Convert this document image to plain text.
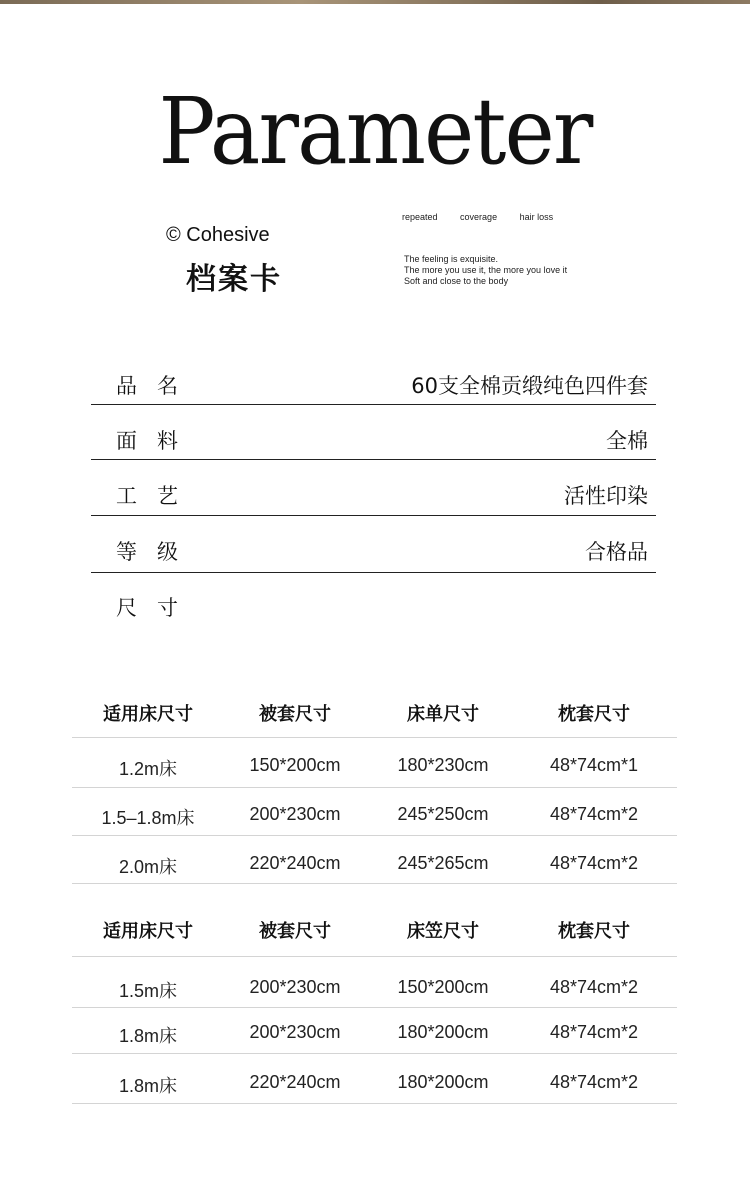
Parameter
© Cohesive
档案卡
repeated	coverage	hair loss
The feeling is exquisite.
The more you use it, the more you love it
Soft and close to the body
品名	60支全棉贡缎纯色四件套
面料	全棉
工艺	活性印染
等级	合格品
尺寸
适用床尺寸	被套尺寸	床单尺寸	枕套尺寸
1.2m床	150*200cm	180*230cm	48*74cm*1
1.5–1.8m床	200*230cm	245*250cm	48*74cm*2
2.0m床	220*240cm	245*265cm	48*74cm*2
适用床尺寸	被套尺寸	床笠尺寸	枕套尺寸
1.5m床	200*230cm	150*200cm	48*74cm*2
1.8m床	200*230cm	180*200cm	48*74cm*2
1.8m床	220*240cm	180*200cm	48*74cm*2
